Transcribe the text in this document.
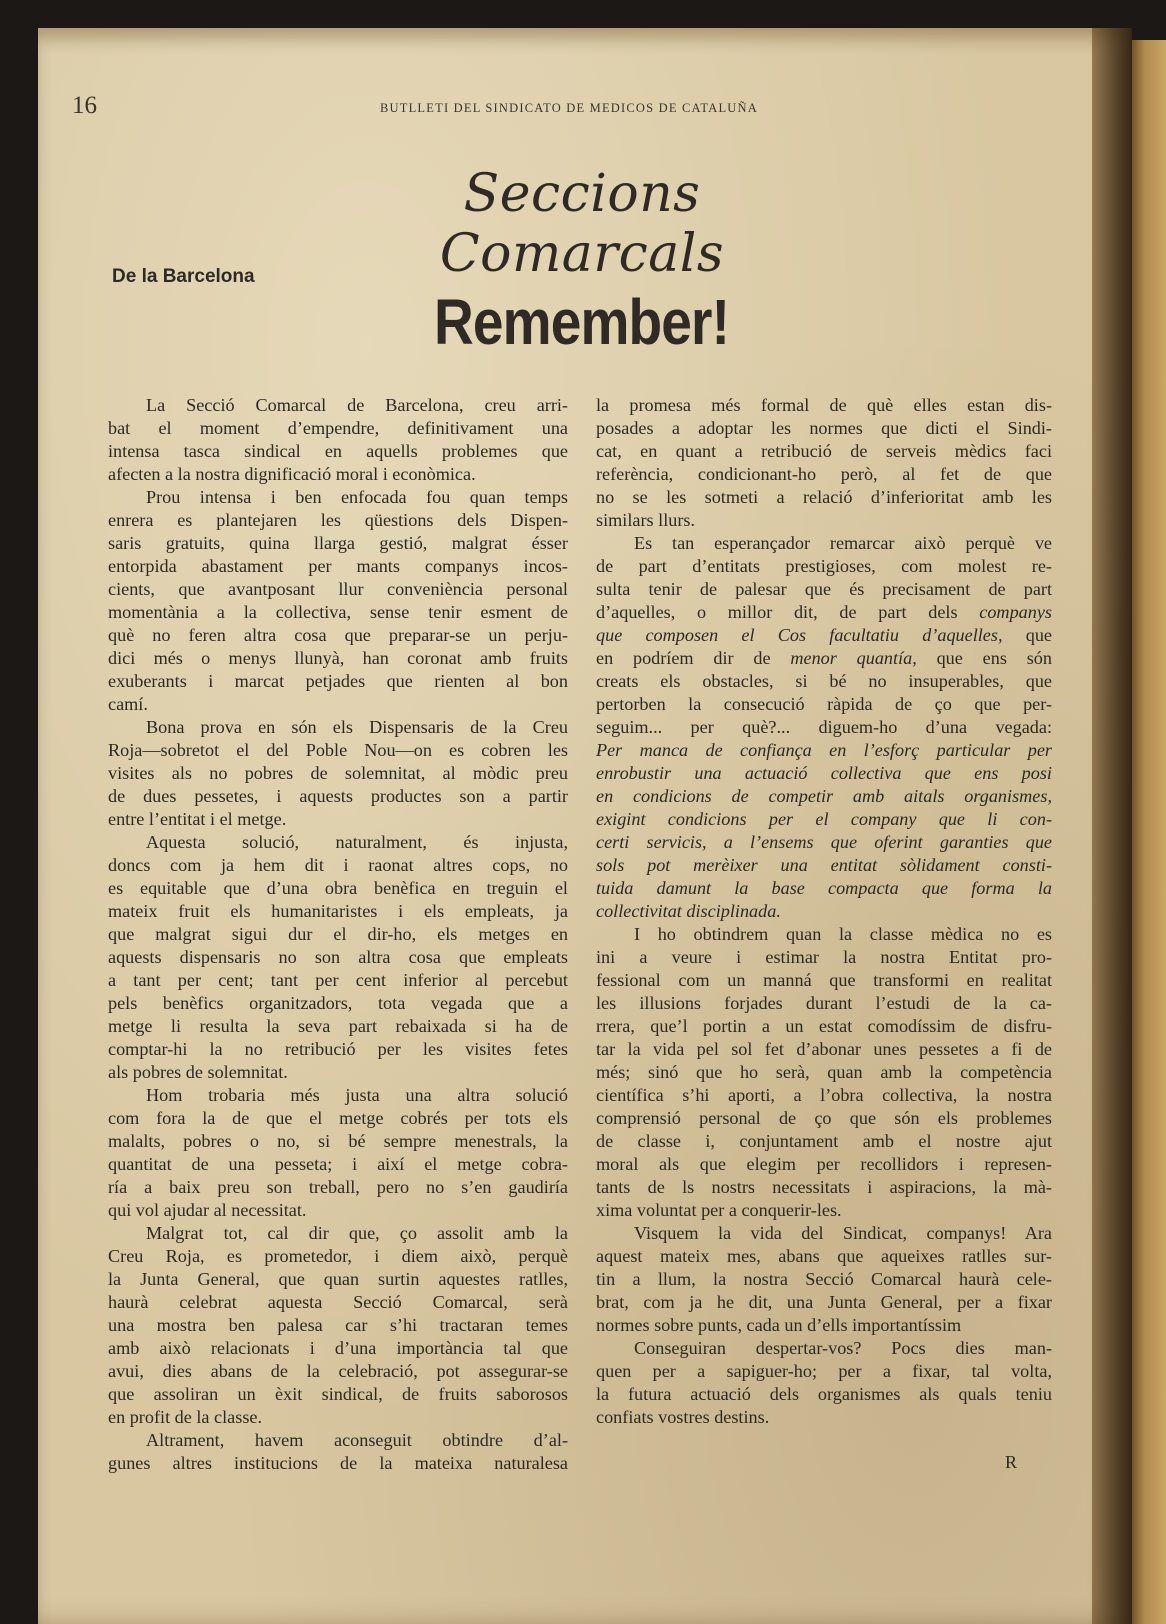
16	BUTLLETI DEL SINDICATO DE MEDICOS DE CATALUÑA
Seccions Comarcals
De la Barcelona
Remember!
La Secció Comarcal de Barcelona, creu arri-
bat el moment d’empendre, definitivament una
intensa tasca sindical en aquells problemes que
afecten a la nostra dignificació moral i econòmica.
Prou intensa i ben enfocada fou quan temps
enrera es plantejaren les qüestions dels Dispen-
saris gratuits, quina llarga gestió, malgrat ésser
entorpida abastament per mants companys incos-
cients, que avantposant llur conveniència personal
momentània a la collectiva, sense tenir esment de
què no feren altra cosa que preparar-se un perju-
dici més o menys llunyà, han coronat amb fruits
exuberants i marcat petjades que rienten al bon
camí.
Bona prova en són els Dispensaris de la Creu
Roja—sobretot el del Poble Nou—on es cobren les
visites als no pobres de solemnitat, al mòdic preu
de dues pessetes, i aquests productes son a partir
entre l’entitat i el metge.
Aquesta solució, naturalment, és injusta,
doncs com ja hem dit i raonat altres cops, no
es equitable que d’una obra benèfica en treguin el
mateix fruit els humanitaristes i els empleats, ja
que malgrat sigui dur el dir-ho, els metges en
aquests dispensaris no son altra cosa que empleats
a tant per cent; tant per cent inferior al percebut
pels benèfics organitzadors, tota vegada que a
metge li resulta la seva part rebaixada si ha de
comptar-hi la no retribució per les visites fetes
als pobres de solemnitat.
Hom trobaria més justa una altra solució
com fora la de que el metge cobrés per tots els
malalts, pobres o no, si bé sempre menestrals, la
quantitat de una pesseta; i així el metge cobra-
ría a baix preu son treball, pero no s’en gaudiría
qui vol ajudar al necessitat.
Malgrat tot, cal dir que, ço assolit amb la
Creu Roja, es prometedor, i diem això, perquè
la Junta General, que quan surtin aquestes ratlles,
haurà celebrat aquesta Secció Comarcal, serà
una mostra ben palesa car s’hi tractaran temes
amb això relacionats i d’una importància tal que
avui, dies abans de la celebració, pot assegurar-se
que assoliran un èxit sindical, de fruits saborosos
en profit de la classe.
Altrament, havem aconseguit obtindre d’al-
gunes altres institucions de la mateixa naturalesa
la promesa més formal de què elles estan dis-
posades a adoptar les normes que dicti el Sindi-
cat, en quant a retribució de serveis mèdics faci
referència, condicionant-ho però, al fet de que
no se les sotmeti a relació d’inferioritat amb les
similars llurs.
Es tan esperançador remarcar això perquè ve
de part d’entitats prestigioses, com molest re-
sulta tenir de palesar que és precisament de part
d’aquelles, o millor dit, de part dels companys
que composen el Cos facultatiu d’aquelles, que
en podríem dir de menor quantía, que ens són
creats els obstacles, si bé no insuperables, que
pertorben la consecució ràpida de ço que per-
seguim... per què?... diguem-ho d’una vegada:
Per manca de confiança en l’esforç particular per
enrobustir una actuació collectiva que ens posi
en condicions de competir amb aitals organismes,
exigint condicions per el company que li con-
certi servicis, a l’ensems que oferint garanties que
sols pot merèixer una entitat sòlidament consti-
tuida damunt la base compacta que forma la
collectivitat disciplinada.
I ho obtindrem quan la classe mèdica no es
ini a veure i estimar la nostra Entitat pro-
fessional com un manná que transformi en realitat
les illusions forjades durant l’estudi de la ca-
rrera, que’l portin a un estat comodíssim de disfru-
tar la vida pel sol fet d’abonar unes pessetes a fi de
més; sinó que ho serà, quan amb la competència
científica s’hi aporti, a l’obra collectiva, la nostra
comprensió personal de ço que són els problemes
de classe i, conjuntament amb el nostre ajut
moral als que elegim per recollidors i represen-
tants de ls nostrs necessitats i aspiracions, la mà-
xima voluntat per a conquerir-les.
Visquem la vida del Sindicat, companys! Ara
aquest mateix mes, abans que aqueixes ratlles sur-
tin a llum, la nostra Secció Comarcal haurà cele-
brat, com ja he dit, una Junta General, per a fixar
normes sobre punts, cada un d’ells importantíssim
Conseguiran despertar-vos? Pocs dies man-
quen per a sapiguer-ho; per a fixar, tal volta,
la futura actuació dels organismes als quals teniu
confiats vostres destins.
R
